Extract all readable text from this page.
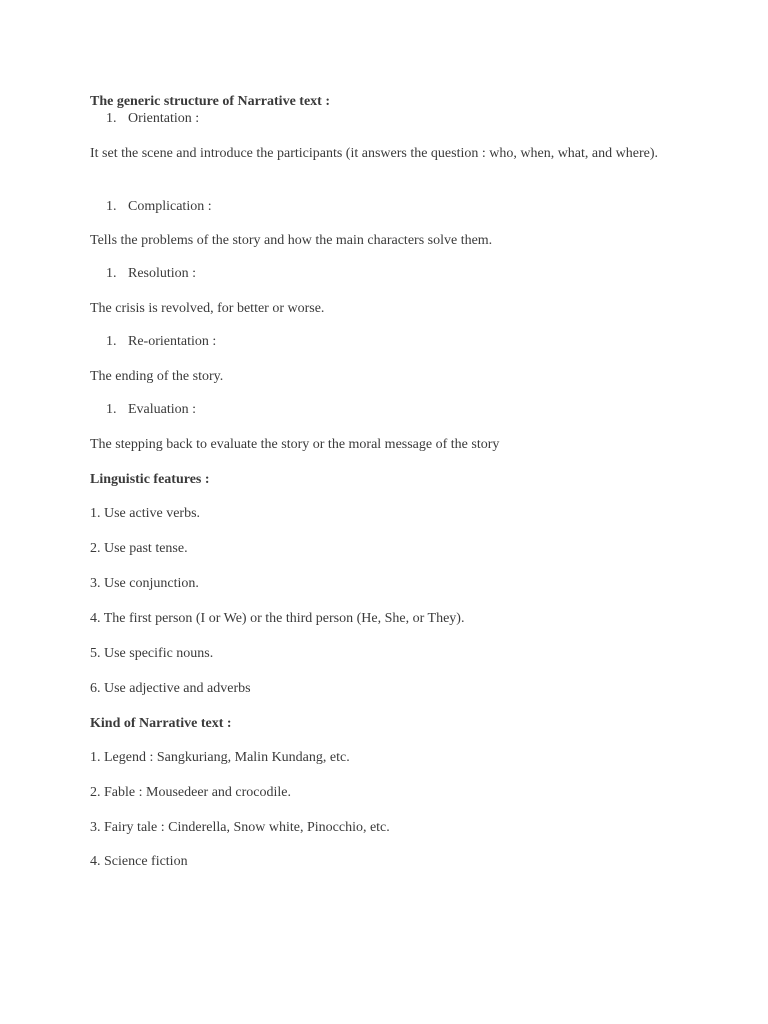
The generic structure of Narrative text :
1. Orientation :
It set the scene and introduce the participants (it answers the question : who, when, what, and where).
1. Complication :
Tells the problems of the story and how the main characters solve them.
1. Resolution :
The crisis is revolved, for better or worse.
1. Re-orientation :
The ending of the story.
1. Evaluation :
The stepping back to evaluate the story or the moral message of the story
Linguistic features :
1. Use active verbs.
2. Use past tense.
3. Use conjunction.
4. The first person (I or We) or the third person (He, She, or They).
5. Use specific nouns.
6. Use adjective and adverbs
Kind of Narrative text :
1. Legend : Sangkuriang, Malin Kundang, etc.
2. Fable : Mousedeer and crocodile.
3. Fairy tale : Cinderella, Snow white, Pinocchio, etc.
4. Science fiction
